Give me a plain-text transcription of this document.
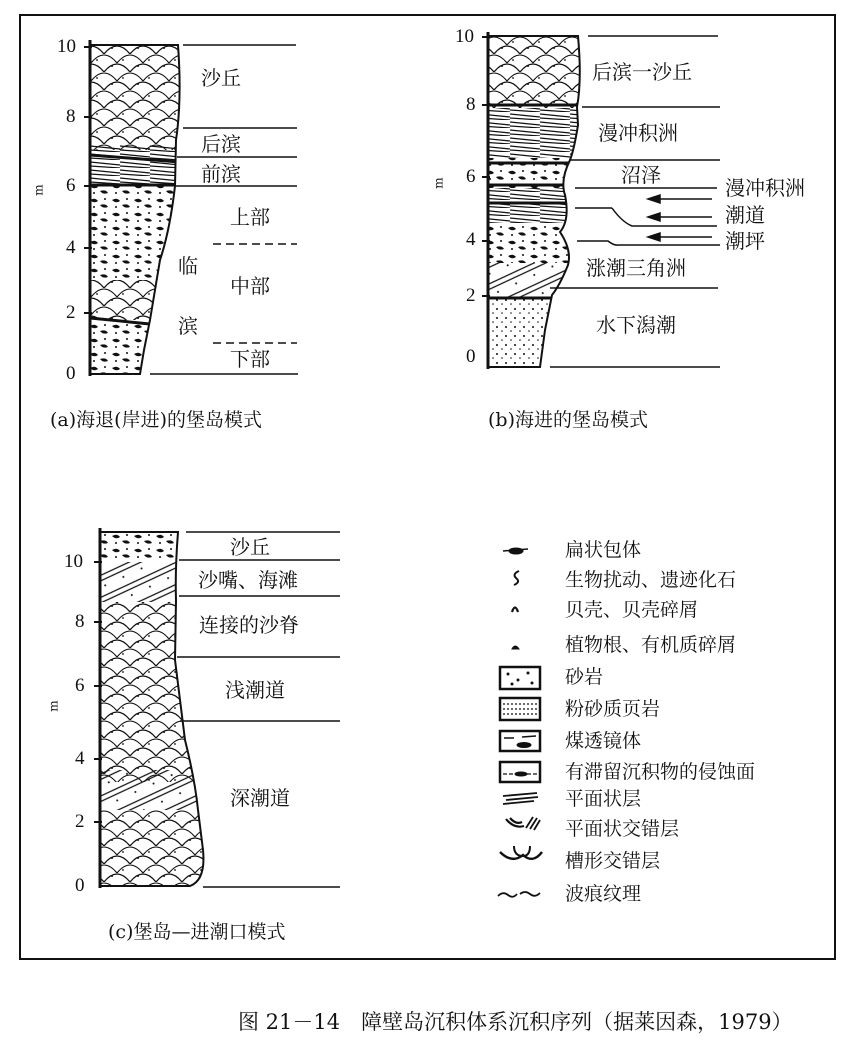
10
8
6
4
2
0
m
沙丘
后滨
前滨
上部
中部
下部
临
滨
(a)海退(岸进)的堡岛模式
10
8
6
4
2
0
m
后滨一沙丘
漫冲积洲
沼泽
涨潮三角洲
水下潟潮
漫冲积洲
潮道
潮坪
(b)海进的堡岛模式
10
8
6
4
2
0
m
沙丘
沙嘴、海滩
连接的沙脊
浅潮道
深潮道
(c)堡岛—进潮口模式
扁状包体
生物扰动、遗迹化石
贝壳、贝壳碎屑
植物根、有机质碎屑
砂岩
粉砂质页岩
煤透镜体
有滞留沉积物的侵蚀面
平面状层
平面状交错层
槽形交错层
波痕纹理
图 21－14　障壁岛沉积体系沉积序列（据莱因森，1979）
